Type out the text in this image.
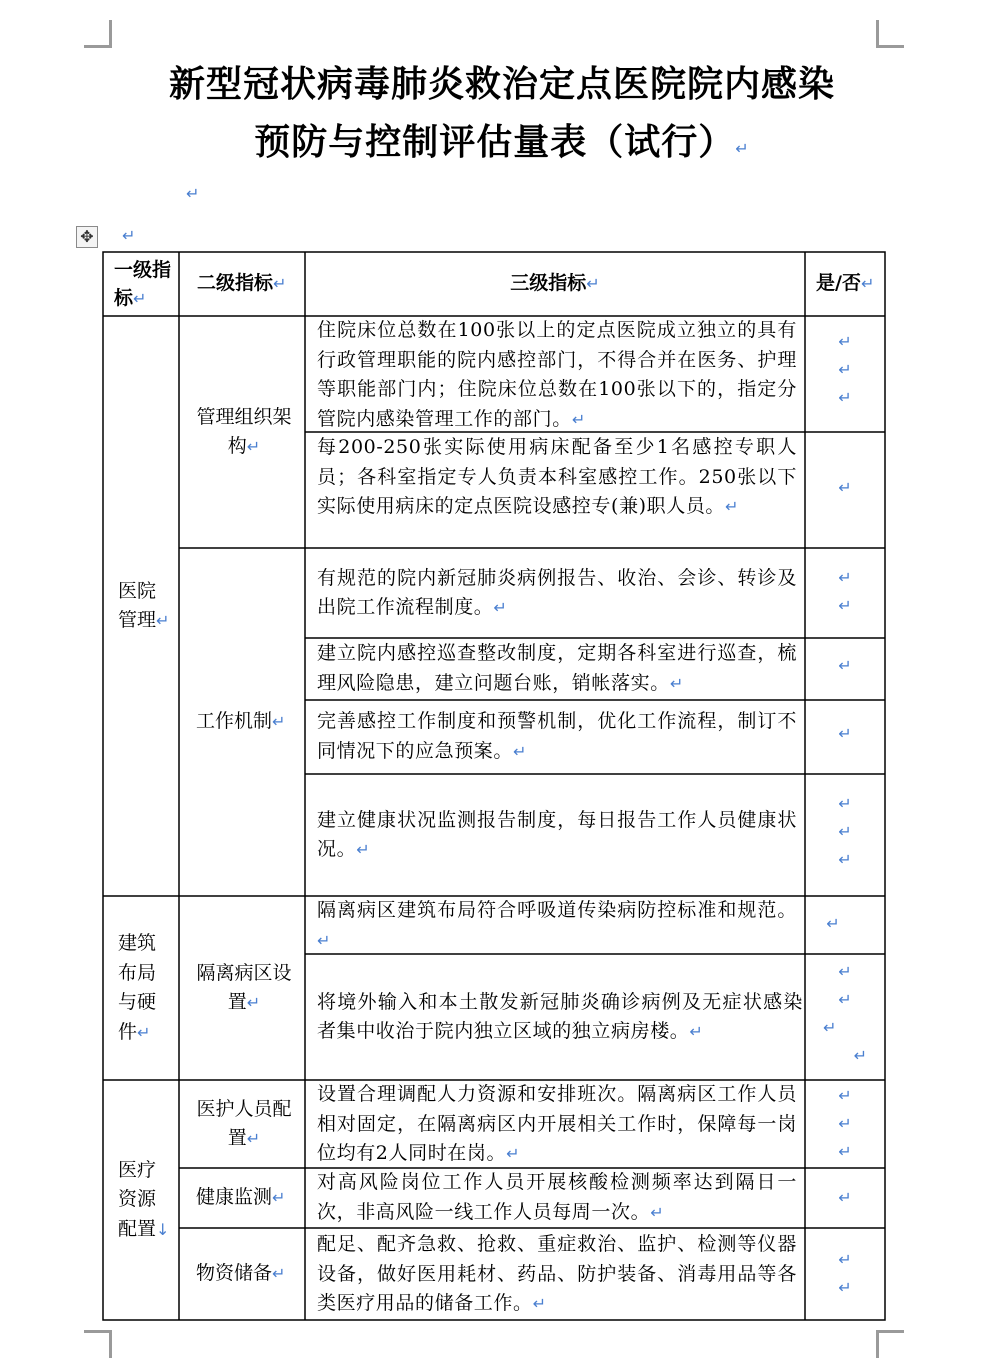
新型冠状病毒肺炎救治定点医院院内感染
预防与控制评估量表（试行）↵
↵
✥ ↵
一级指标↵
二级指标↵	三级指标↵	是/否↵
医院管理↵
建筑布局与硬件↵
医疗资源配置↓
管理组织架构↵
工作机制↵
隔离病区设置↵
医护人员配置↵
健康监测↵
物资储备↵
住院床位总数在100张以上的定点医院成立独立的具有行政管理职能的院内感控部门，不得合并在医务、护理等职能部门内；住院床位总数在100张以下的，指定分管院内感染管理工作的部门。↵
每200-250张实际使用病床配备至少1名感控专职人员；各科室指定专人负责本科室感控工作。250张以下实际使用病床的定点医院设感控专(兼)职人员。↵
有规范的院内新冠肺炎病例报告、收治、会诊、转诊及出院工作流程制度。↵
建立院内感控巡查整改制度，定期各科室进行巡查，梳理风险隐患，建立问题台账，销帐落实。↵
完善感控工作制度和预警机制，优化工作流程，制订不同情况下的应急预案。↵
建立健康状况监测报告制度，每日报告工作人员健康状况。↵
隔离病区建筑布局符合呼吸道传染病防控标准和规范。↵
将境外输入和本土散发新冠肺炎确诊病例及无症状感染者集中收治于院内独立区域的独立病房楼。↵
设置合理调配人力资源和安排班次。隔离病区工作人员相对固定，在隔离病区内开展相关工作时，保障每一岗位均有2人同时在岗。↵
对高风险岗位工作人员开展核酸检测频率达到隔日一次，非高风险一线工作人员每周一次。↵
配足、配齐急救、抢救、重症救治、监护、检测等仪器设备，做好医用耗材、药品、防护装备、消毒用品等各类医疗用品的储备工作。↵
↵
↵
↵
↵
↵
↵
↵
↵
↵
↵
↵
↵
↵
↵
↵
↵
↵
↵
↵
↵
↵
↵
